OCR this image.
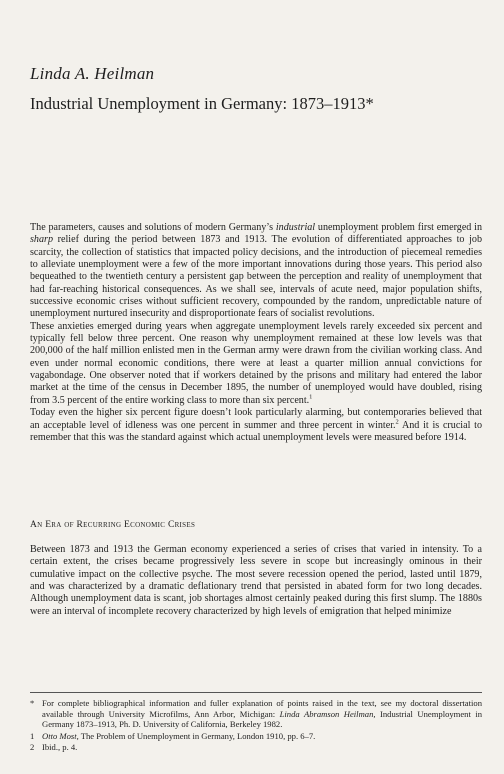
Linda A. Heilman
Industrial Unemployment in Germany: 1873–1913*

The parameters, causes and solutions of modern Germany’s industrial unemployment problem first emerged in sharp relief during the period between 1873 and 1913. The evolution of differentiated approaches to job scarcity, the collection of statistics that impacted policy decisions, and the introduction of piecemeal remedies to alleviate unemployment were a few of the more important innovations during those years. This period also bequeathed to the twentieth century a persistent gap between the perception and reality of unemployment that had far-reaching historical consequences. As we shall see, intervals of acute need, major population shifts, successive economic crises without sufficient recovery, compounded by the random, unpredictable nature of unemployment nurtured insecurity and disproportionate fears of socialist revolutions.

These anxieties emerged during years when aggregate unemployment levels rarely exceeded six percent and typically fell below three percent. One reason why unemployment remained at these low levels was that 200,000 of the half million enlisted men in the German army were drawn from the civilian working class. And even under normal economic conditions, there were at least a quarter million annual convictions for vagabondage. One observer noted that if workers detained by the prisons and military had entered the labor market at the time of the census in December 1895, the number of unemployed would have doubled, rising from 3.5 percent of the entire working class to more than six percent.$^1$

Today even the higher six percent figure doesn’t look particularly alarming, but contemporaries believed that an acceptable level of idleness was one percent in summer and three percent in winter.$^2$ And it is crucial to remember that this was the standard against which actual unemployment levels were measured before 1914.

An Era of Recurring Economic Crises

Between 1873 and 1913 the German economy experienced a series of crises that varied in intensity. To a certain extent, the crises became progressively less severe in scope but increasingly ominous in their cumulative impact on the collective psyche. The most severe recession opened the period, lasted until 1879, and was characterized by a dramatic deflationary trend that persisted in abated form for two long decades. Although unemployment data is scant, job shortages almost certainly peaked during this first slump. The 1880s were an interval of incomplete recovery characterized by high levels of emigration that helped minimize

* For complete bibliographical information and fuller explanation of points raised in the text, see my doctoral dissertation available through University Microfilms, Ann Arbor, Michigan: Linda Abramson Heilman, Industrial Unemployment in Germany 1873–1913, Ph. D. University of California, Berkeley 1982.
1 Otto Most, The Problem of Unemployment in Germany, London 1910, pp. 6–7.
2 Ibid., p. 4.
